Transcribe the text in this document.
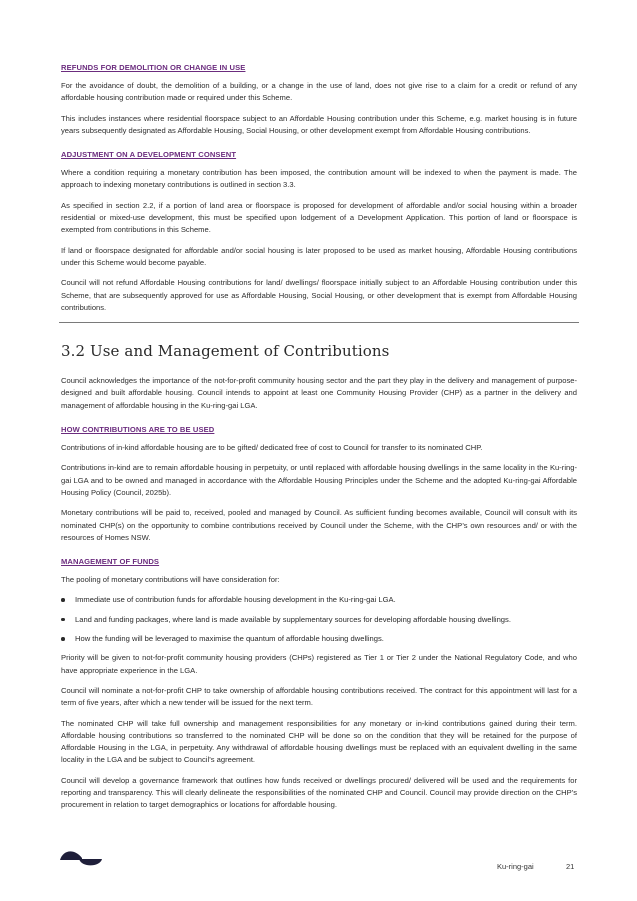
REFUNDS FOR DEMOLITION OR CHANGE IN USE

For the avoidance of doubt, the demolition of a building, or a change in the use of land, does not give rise to a claim for a credit or refund of any affordable housing contribution made or required under this Scheme.

This includes instances where residential floorspace subject to an Affordable Housing contribution under this Scheme, e.g. market housing is in future years subsequently designated as Affordable Housing, Social Housing, or other development exempt from Affordable Housing contributions.

ADJUSTMENT ON A DEVELOPMENT CONSENT

Where a condition requiring a monetary contribution has been imposed, the contribution amount will be indexed to when the payment is made. The approach to indexing monetary contributions is outlined in section 3.3.

As specified in section 2.2, if a portion of land area or floorspace is proposed for development of affordable and/or social housing within a broader residential or mixed-use development, this must be specified upon lodgement of a Development Application. This portion of land or floorspace is exempted from contributions in this Scheme.

If land or floorspace designated for affordable and/or social housing is later proposed to be used as market housing, Affordable Housing contributions under this Scheme would become payable.

Council will not refund Affordable Housing contributions for land/ dwellings/ floorspace initially subject to an Affordable Housing contribution under this Scheme, that are subsequently approved for use as Affordable Housing, Social Housing, or other development that is exempt from Affordable Housing contributions.

3.2 Use and Management of Contributions

Council acknowledges the importance of the not-for-profit community housing sector and the part they play in the delivery and management of purpose-designed and built affordable housing. Council intends to appoint at least one Community Housing Provider (CHP) as a partner in the delivery and management of affordable housing in the Ku-ring-gai LGA.

HOW CONTRIBUTIONS ARE TO BE USED

Contributions of in-kind affordable housing are to be gifted/ dedicated free of cost to Council for transfer to its nominated CHP.

Contributions in-kind are to remain affordable housing in perpetuity, or until replaced with affordable housing dwellings in the same locality in the Ku-ring-gai LGA and to be owned and managed in accordance with the Affordable Housing Principles under the Scheme and the adopted Ku-ring-gai Affordable Housing Policy (Council, 2025b).

Monetary contributions will be paid to, received, pooled and managed by Council. As sufficient funding becomes available, Council will consult with its nominated CHP(s) on the opportunity to combine contributions received by Council under the Scheme, with the CHP’s own resources and/ or with the resources of Homes NSW.

MANAGEMENT OF FUNDS

The pooling of monetary contributions will have consideration for:

Immediate use of contribution funds for affordable housing development in the Ku-ring-gai LGA.
Land and funding packages, where land is made available by supplementary sources for developing affordable housing dwellings.
How the funding will be leveraged to maximise the quantum of affordable housing dwellings.

Priority will be given to not-for-profit community housing providers (CHPs) registered as Tier 1 or Tier 2 under the National Regulatory Code, and who have appropriate experience in the LGA.

Council will nominate a not-for-profit CHP to take ownership of affordable housing contributions received. The contract for this appointment will last for a term of five years, after which a new tender will be issued for the next term.

The nominated CHP will take full ownership and management responsibilities for any monetary or in-kind contributions gained during their term. Affordable housing contributions so transferred to the nominated CHP will be done so on the condition that they will be retained for the purpose of Affordable Housing in the LGA, in perpetuity. Any withdrawal of affordable housing dwellings must be replaced with an equivalent dwelling in the same locality in the LGA and be subject to Council’s agreement.

Council will develop a governance framework that outlines how funds received or dwellings procured/ delivered will be used and the requirements for reporting and transparency. This will clearly delineate the responsibilities of the nominated CHP and Council. Council may provide direction on the CHP’s procurement in relation to target demographics or locations for affordable housing.

Ku-ring-gai	21
